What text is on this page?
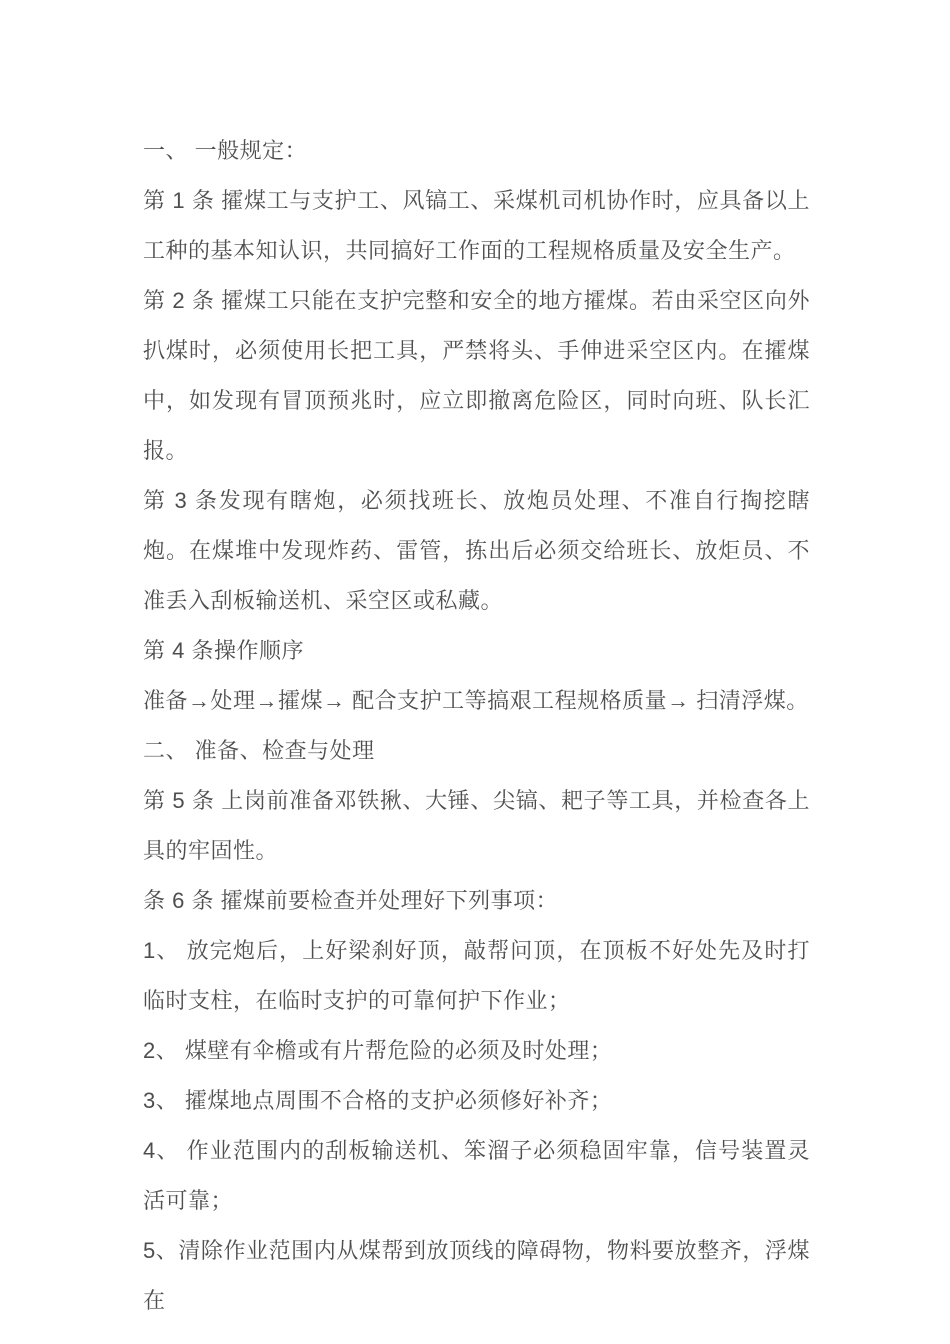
一、 一般规定：

第 1 条 攉煤工与支护工、风镐工、采煤机司机协作时，应具备以上工种的基本知认识，共同搞好工作面的工程规格质量及安全生产。

第 2 条 攉煤工只能在支护完整和安全的地方攉煤。若由采空区向外扒煤时，必须使用长把工具，严禁将头、手伸进采空区内。在攉煤中，如发现有冒顶预兆时，应立即撤离危险区，同时向班、队长汇报。

第 3 条发现有瞎炮，必须找班长、放炮员处理、不准自行掏挖瞎炮。在煤堆中发现炸药、雷管，拣出后必须交给班长、放炬员、不准丢入刮板输送机、采空区或私藏。

第 4 条操作顺序

准备→处理→攉煤→ 配合支护工等搞艰工程规格质量→ 扫清浮煤。

二、 准备、检查与处理

第 5 条 上岗前准备邓铁揪、大锤、尖镐、耙子等工具，并检查各上具的牢固性。

条 6 条 攉煤前要检查并处理好下列事项：

1、 放完炮后，上好梁刹好顶，敲帮问顶，在顶板不好处先及时打临时支柱，在临时支护的可靠何护下作业；

2、 煤壁有伞檐或有片帮危险的必须及时处理；

3、 攉煤地点周围不合格的支护必须修好补齐；

4、 作业范围内的刮板输送机、笨溜子必须稳固牢靠，信号装置灵活可靠；

5、清除作业范围内从煤帮到放顶线的障碍物，物料要放整齐，浮煤在
